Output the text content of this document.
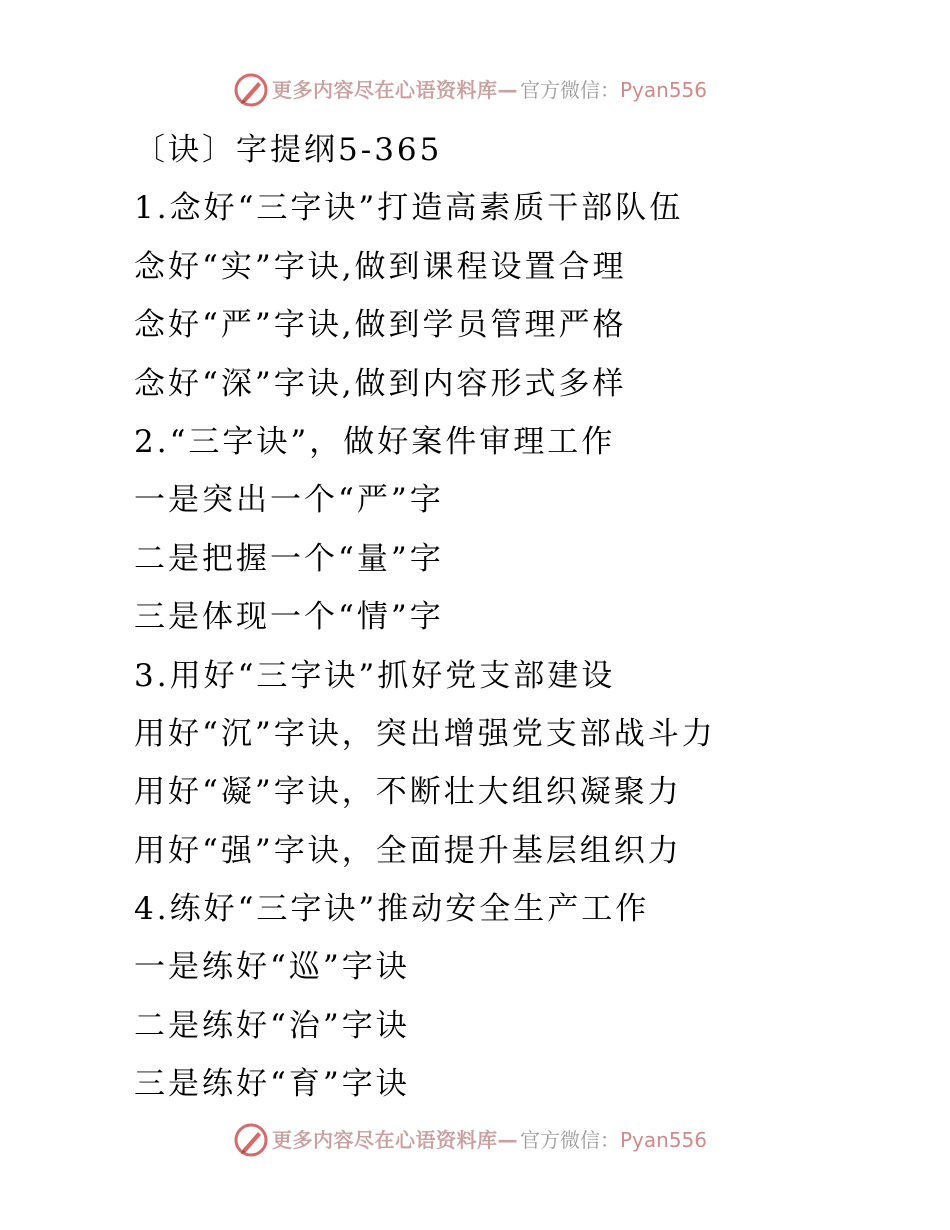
更多内容尽在心语资料库— 官方微信：Pyan556
〔诀〕字提纲5-365
1.念好“三字诀”打造高素质干部队伍
念好“实”字诀,做到课程设置合理
念好“严”字诀,做到学员管理严格
念好“深”字诀,做到内容形式多样
2.“三字诀”，做好案件审理工作
一是突出一个“严”字
二是把握一个“量”字
三是体现一个“情”字
3.用好“三字诀”抓好党支部建设
用好“沉”字诀，突出增强党支部战斗力
用好“凝”字诀，不断壮大组织凝聚力
用好“强”字诀，全面提升基层组织力
4.练好“三字诀”推动安全生产工作
一是练好“巡”字诀
二是练好“治”字诀
三是练好“育”字诀
更多内容尽在心语资料库— 官方微信：Pyan556
